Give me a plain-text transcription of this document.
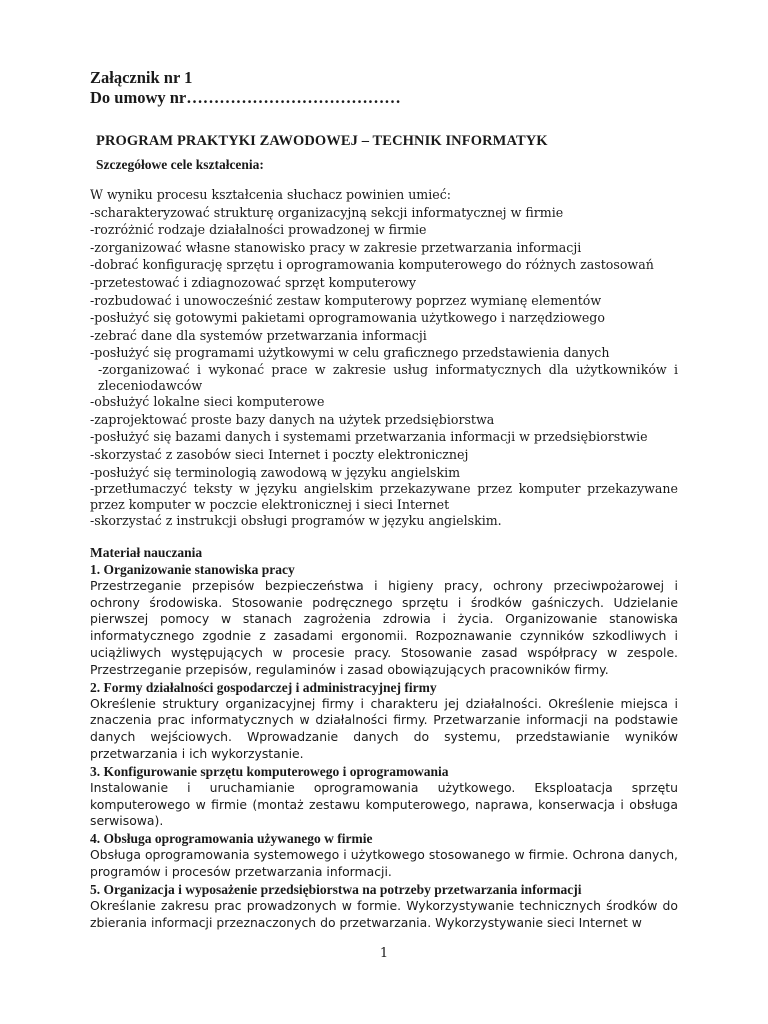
Załącznik nr 1

Do umowy nr…………………………………

PROGRAM PRAKTYKI ZAWODOWEJ – TECHNIK INFORMATYK

Szczegółowe cele kształcenia:

W wyniku procesu kształcenia słuchacz powinien umieć:
-scharakteryzować strukturę organizacyjną sekcji informatycznej w firmie
-rozróżnić rodzaje działalności prowadzonej w firmie
-zorganizować własne stanowisko pracy w zakresie przetwarzania informacji
-dobrać konfigurację sprzętu i oprogramowania komputerowego do różnych zastosowań
-przetestować i zdiagnozować sprzęt komputerowy
-rozbudować i unowocześnić zestaw komputerowy poprzez wymianę elementów
-posłużyć się gotowymi pakietami oprogramowania użytkowego i narzędziowego
-zebrać dane dla systemów przetwarzania informacji
-posłużyć się programami użytkowymi w celu graficznego przedstawienia danych
-zorganizować i wykonać prace w zakresie usług informatycznych dla użytkowników i zleceniodawców
-obsłużyć lokalne sieci komputerowe
-zaprojektować proste bazy danych na użytek przedsiębiorstwa
-posłużyć się bazami danych i systemami przetwarzania informacji w przedsiębiorstwie
-skorzystać z zasobów sieci Internet i poczty elektronicznej
-posłużyć się terminologią zawodową w języku angielskim
-przetłumaczyć teksty w języku angielskim przekazywane przez komputer przekazywane przez komputer w poczcie elektronicznej i sieci Internet
-skorzystać z instrukcji obsługi programów w języku angielskim.

Materiał nauczania

1. Organizowanie stanowiska pracy

Przestrzeganie przepisów bezpieczeństwa i higieny pracy, ochrony przeciwpożarowej i ochrony środowiska. Stosowanie podręcznego sprzętu i środków gaśniczych. Udzielanie pierwszej pomocy w stanach zagrożenia zdrowia i życia. Organizowanie stanowiska informatycznego zgodnie z zasadami ergonomii. Rozpoznawanie czynników szkodliwych i uciążliwych występujących w procesie pracy. Stosowanie zasad współpracy w zespole. Przestrzeganie przepisów, regulaminów i zasad obowiązujących pracowników firmy.

2. Formy działalności gospodarczej i administracyjnej firmy

Określenie struktury organizacyjnej firmy i charakteru jej działalności. Określenie miejsca i znaczenia prac informatycznych w działalności firmy. Przetwarzanie informacji na podstawie danych wejściowych. Wprowadzanie danych do systemu, przedstawianie wyników przetwarzania i ich wykorzystanie.

3. Konfigurowanie sprzętu komputerowego i oprogramowania

Instalowanie i uruchamianie oprogramowania użytkowego. Eksploatacja sprzętu komputerowego w firmie (montaż zestawu komputerowego, naprawa, konserwacja i obsługa serwisowa).

4. Obsługa oprogramowania używanego w firmie

Obsługa oprogramowania systemowego i użytkowego stosowanego w firmie. Ochrona danych, programów i procesów przetwarzania informacji.

5. Organizacja i wyposażenie przedsiębiorstwa na potrzeby przetwarzania informacji

Określanie zakresu prac prowadzonych w formie. Wykorzystywanie technicznych środków do zbierania informacji przeznaczonych do przetwarzania. Wykorzystywanie sieci Internet w

1
